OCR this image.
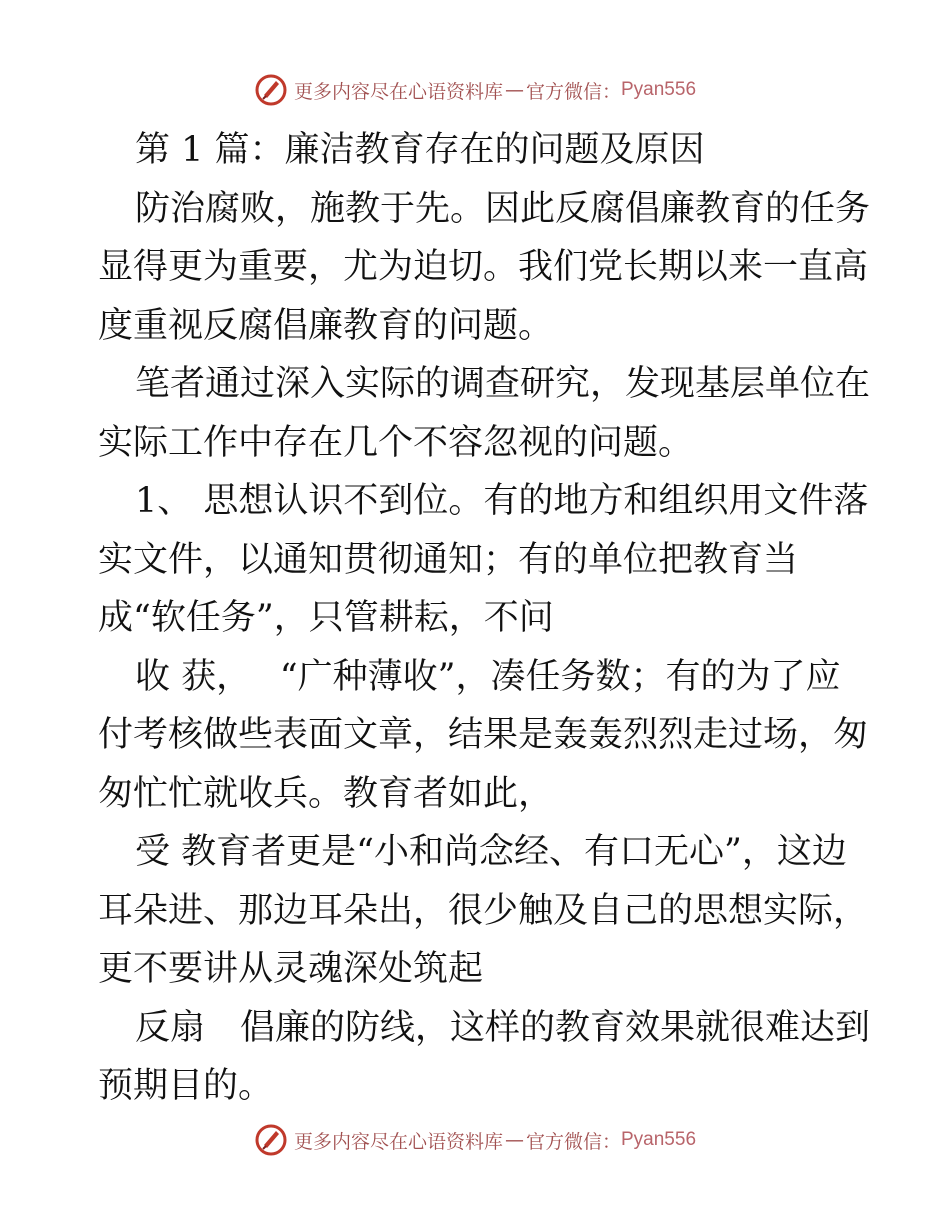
更多内容尽在心语资料库 — 官方微信： Pyan556
第 1 篇：廉洁教育存在的问题及原因
防治腐败，施教于先。因此反腐倡廉教育的任务
显得更为重要，尤为迫切。我们党长期以来一直高
度重视反腐倡廉教育的问题。
笔者通过深入实际的调查研究，发现基层单位在
实际工作中存在几个不容忽视的问题。
1、 思想认识不到位。有的地方和组织用文件落
实文件，以通知贯彻通知；有的单位把教育当
成“软任务”，只管耕耘，不问
收 获，　 “广种薄收”，凑任务数；有的为了应
付考核做些表面文章，结果是轰轰烈烈走过场，匆
匆忙忙就收兵。教育者如此，
受 教育者更是“小和尚念经、有口无心”，这边
耳朵进、那边耳朵出，很少触及自己的思想实际，
更不要讲从灵魂深处筑起
反扇　倡廉的防线，这样的教育效果就很难达到
预期目的。
更多内容尽在心语资料库 — 官方微信： Pyan556
